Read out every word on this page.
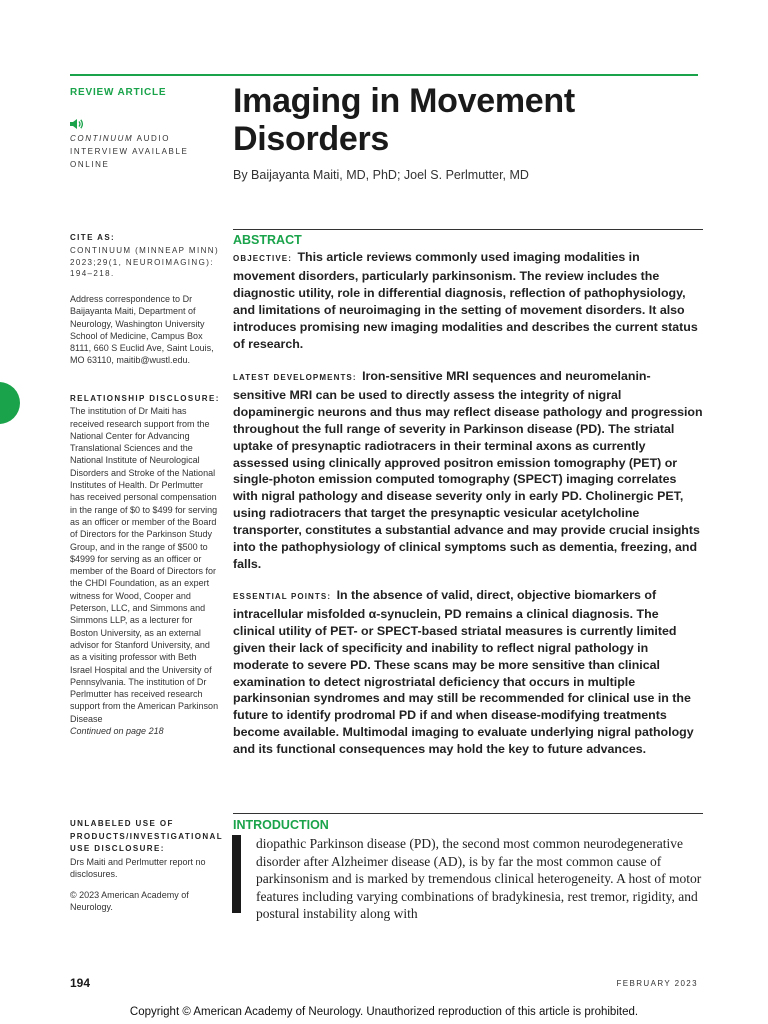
REVIEW ARTICLE
CONTINUUM AUDIO INTERVIEW AVAILABLE ONLINE
Imaging in Movement Disorders
By Baijayanta Maiti, MD, PhD; Joel S. Perlmutter, MD
CITE AS:
CONTINUUM (MINNEAP MINN) 2023;29(1, NEUROIMAGING): 194–218.
Address correspondence to Dr Baijayanta Maiti, Department of Neurology, Washington University School of Medicine, Campus Box 8111, 660 S Euclid Ave, Saint Louis, MO 63110, maitib@wustl.edu.
RELATIONSHIP DISCLOSURE:
The institution of Dr Maiti has received research support from the National Center for Advancing Translational Sciences and the National Institute of Neurological Disorders and Stroke of the National Institutes of Health. Dr Perlmutter has received personal compensation in the range of $0 to $499 for serving as an officer or member of the Board of Directors for the Parkinson Study Group, and in the range of $500 to $4999 for serving as an officer or member of the Board of Directors for the CHDI Foundation, as an expert witness for Wood, Cooper and Peterson, LLC, and Simmons and Simmons LLP, as a lecturer for Boston University, as an external advisor for Stanford University, and as a visiting professor with Beth Israel Hospital and the University of Pennsylvania. The institution of Dr Perlmutter has received research support from the American Parkinson Disease
Continued on page 218
UNLABELED USE OF PRODUCTS/INVESTIGATIONAL USE DISCLOSURE:
Drs Maiti and Perlmutter report no disclosures.
© 2023 American Academy of Neurology.
ABSTRACT
OBJECTIVE: This article reviews commonly used imaging modalities in movement disorders, particularly parkinsonism. The review includes the diagnostic utility, role in differential diagnosis, reflection of pathophysiology, and limitations of neuroimaging in the setting of movement disorders. It also introduces promising new imaging modalities and describes the current status of research.
LATEST DEVELOPMENTS: Iron-sensitive MRI sequences and neuromelanin-sensitive MRI can be used to directly assess the integrity of nigral dopaminergic neurons and thus may reflect disease pathology and progression throughout the full range of severity in Parkinson disease (PD). The striatal uptake of presynaptic radiotracers in their terminal axons as currently assessed using clinically approved positron emission tomography (PET) or single-photon emission computed tomography (SPECT) imaging correlates with nigral pathology and disease severity only in early PD. Cholinergic PET, using radiotracers that target the presynaptic vesicular acetylcholine transporter, constitutes a substantial advance and may provide crucial insights into the pathophysiology of clinical symptoms such as dementia, freezing, and falls.
ESSENTIAL POINTS: In the absence of valid, direct, objective biomarkers of intracellular misfolded α-synuclein, PD remains a clinical diagnosis. The clinical utility of PET- or SPECT-based striatal measures is currently limited given their lack of specificity and inability to reflect nigral pathology in moderate to severe PD. These scans may be more sensitive than clinical examination to detect nigrostriatal deficiency that occurs in multiple parkinsonian syndromes and may still be recommended for clinical use in the future to identify prodromal PD if and when disease-modifying treatments become available. Multimodal imaging to evaluate underlying nigral pathology and its functional consequences may hold the key to future advances.
INTRODUCTION
diopathic Parkinson disease (PD), the second most common neurodegenerative disorder after Alzheimer disease (AD), is by far the most common cause of parkinsonism and is marked by tremendous clinical heterogeneity. A host of motor features including varying combinations of bradykinesia, rest tremor, rigidity, and postural instability along with
194	FEBRUARY 2023
Copyright © American Academy of Neurology. Unauthorized reproduction of this article is prohibited.
